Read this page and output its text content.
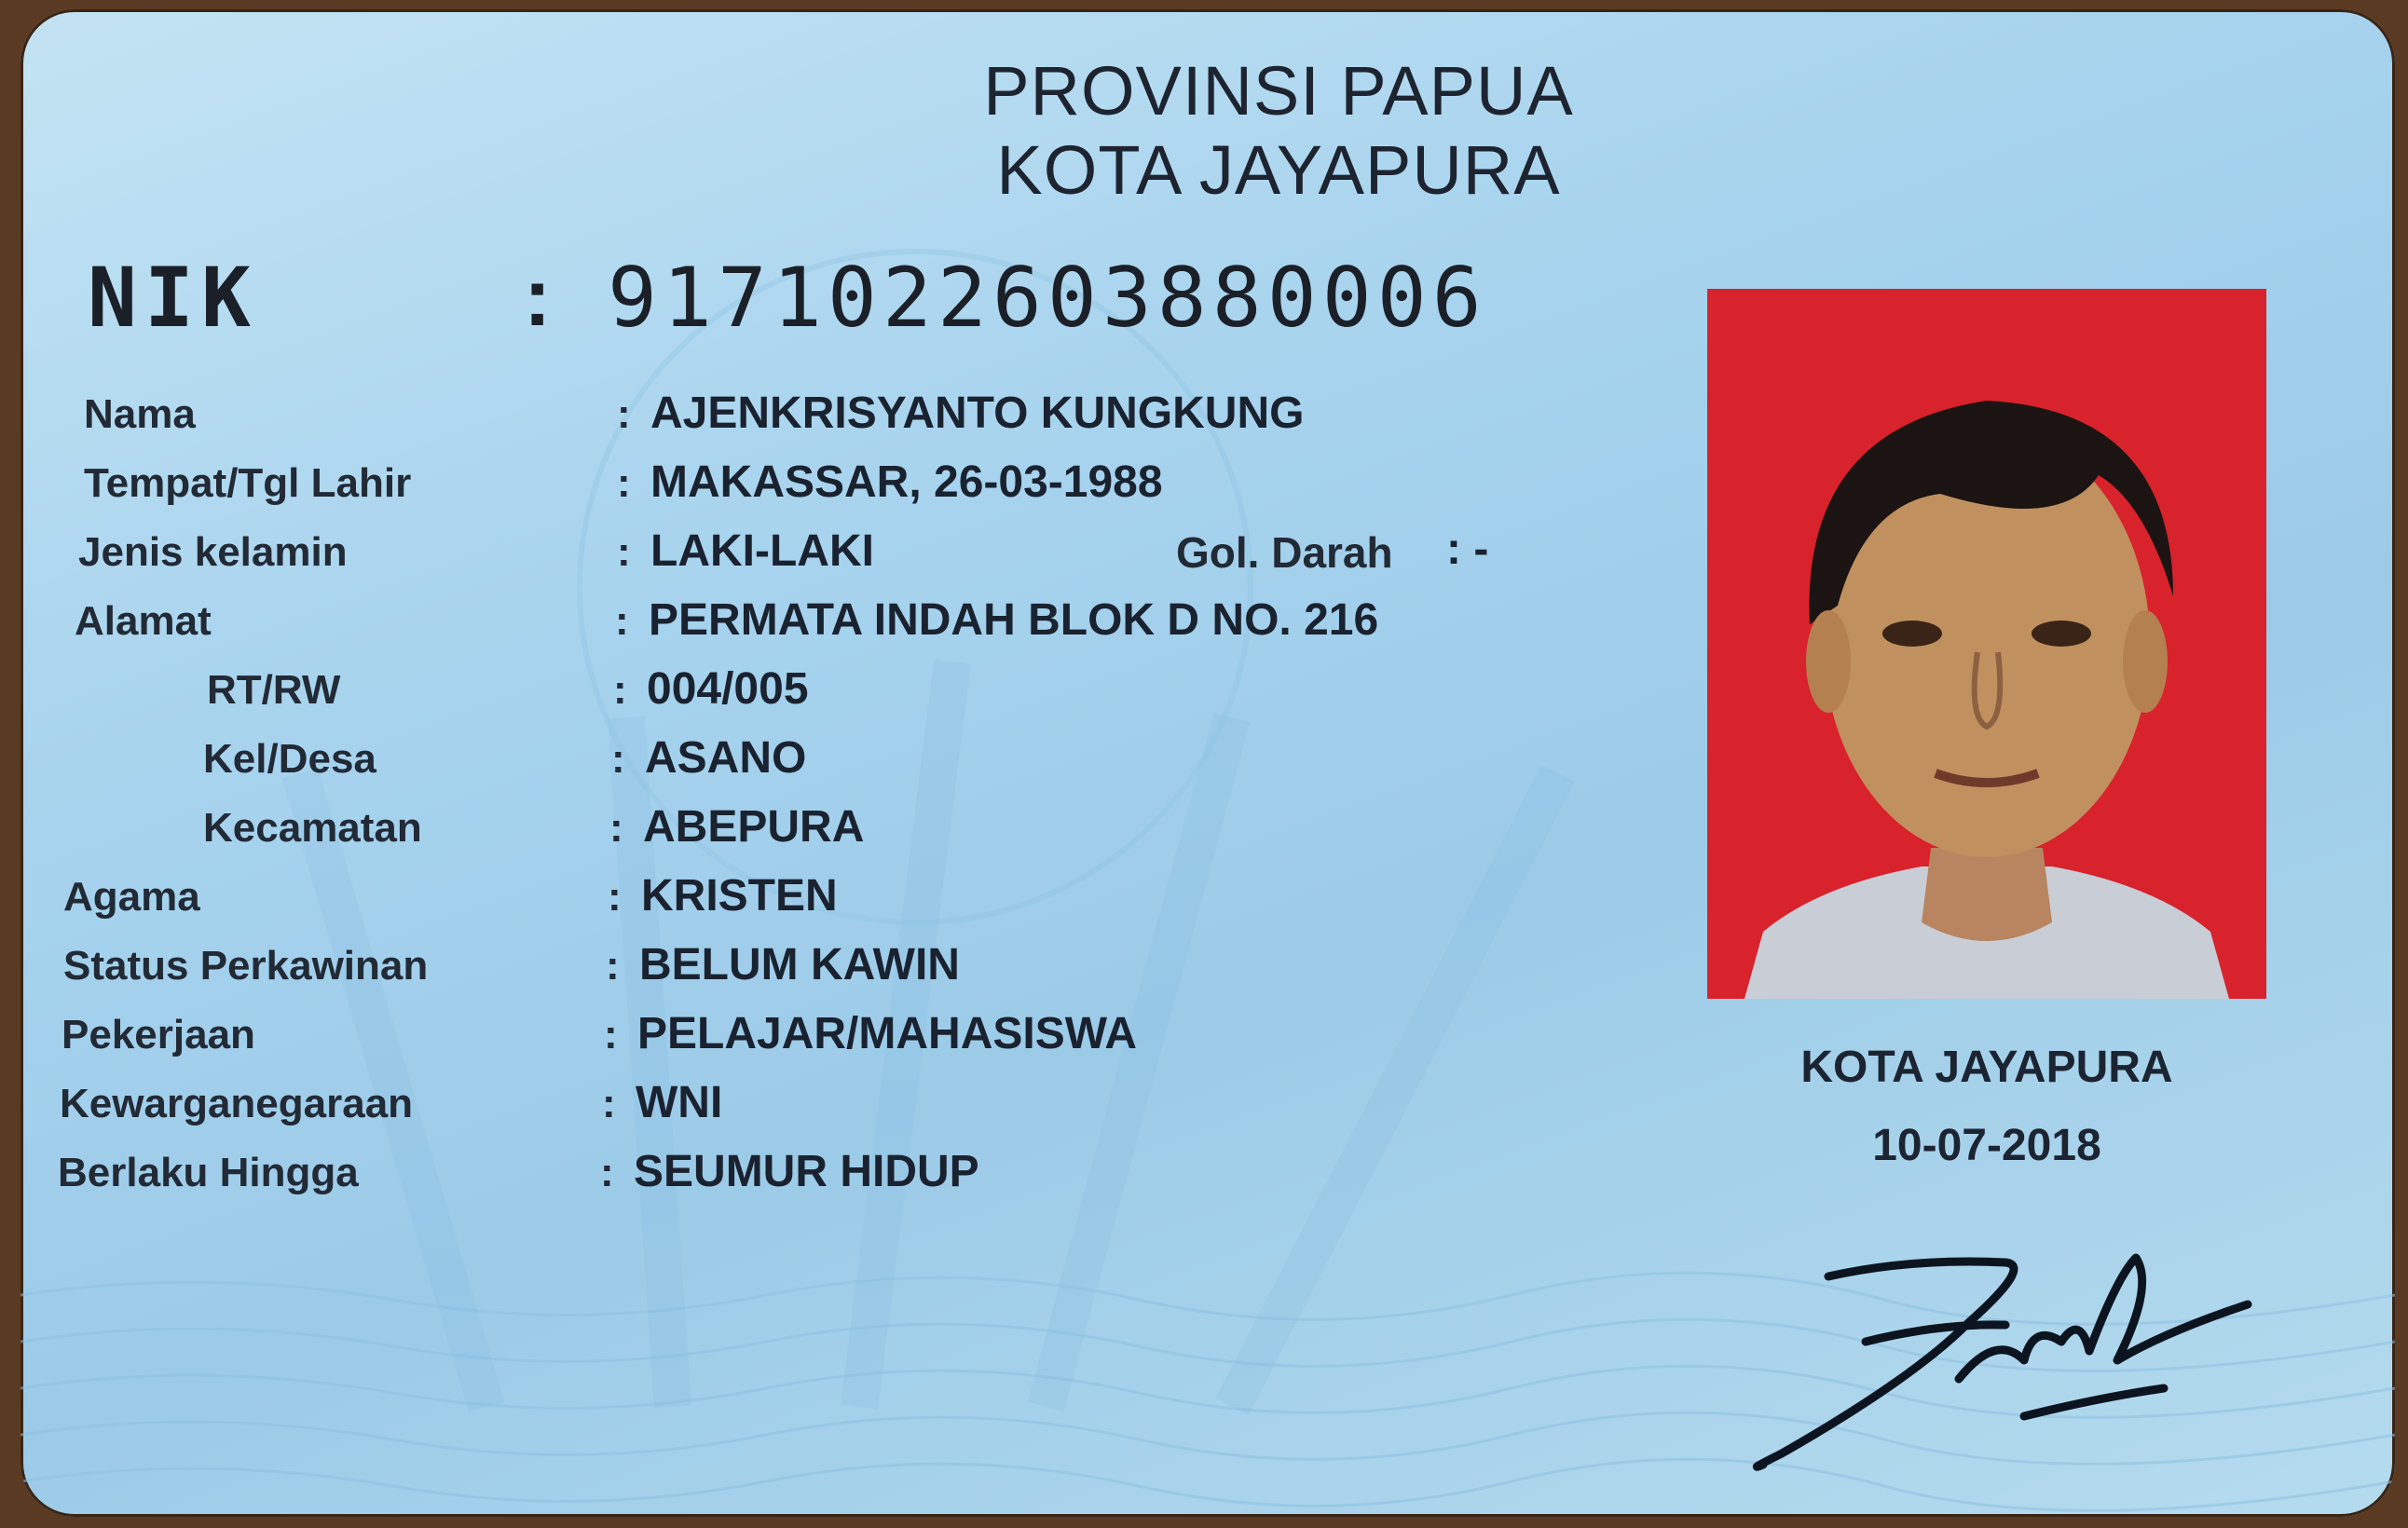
PROVINSI PAPUA
KOTA JAYAPURA
NIK	: 9171022603880006
Nama
Tempat/Tgl Lahir
Jenis kelamin
Alamat
RT/RW
Kel/Desa
Kecamatan
Agama
Status Perkawinan
Pekerjaan
Kewarganegaraan
Berlaku Hingga
:
:
:
:
:
:
:
:
:
:
:
:
AJENKRISYANTO KUNGKUNG
MAKASSAR, 26-03-1988
LAKI-LAKI
PERMATA INDAH BLOK D NO. 216
004/005
ASANO
ABEPURA
KRISTEN
BELUM KAWIN
PELAJAR/MAHASISWA
WNI
SEUMUR HIDUP
Gol. Darah : -
KOTA JAYAPURA
10-07-2018
